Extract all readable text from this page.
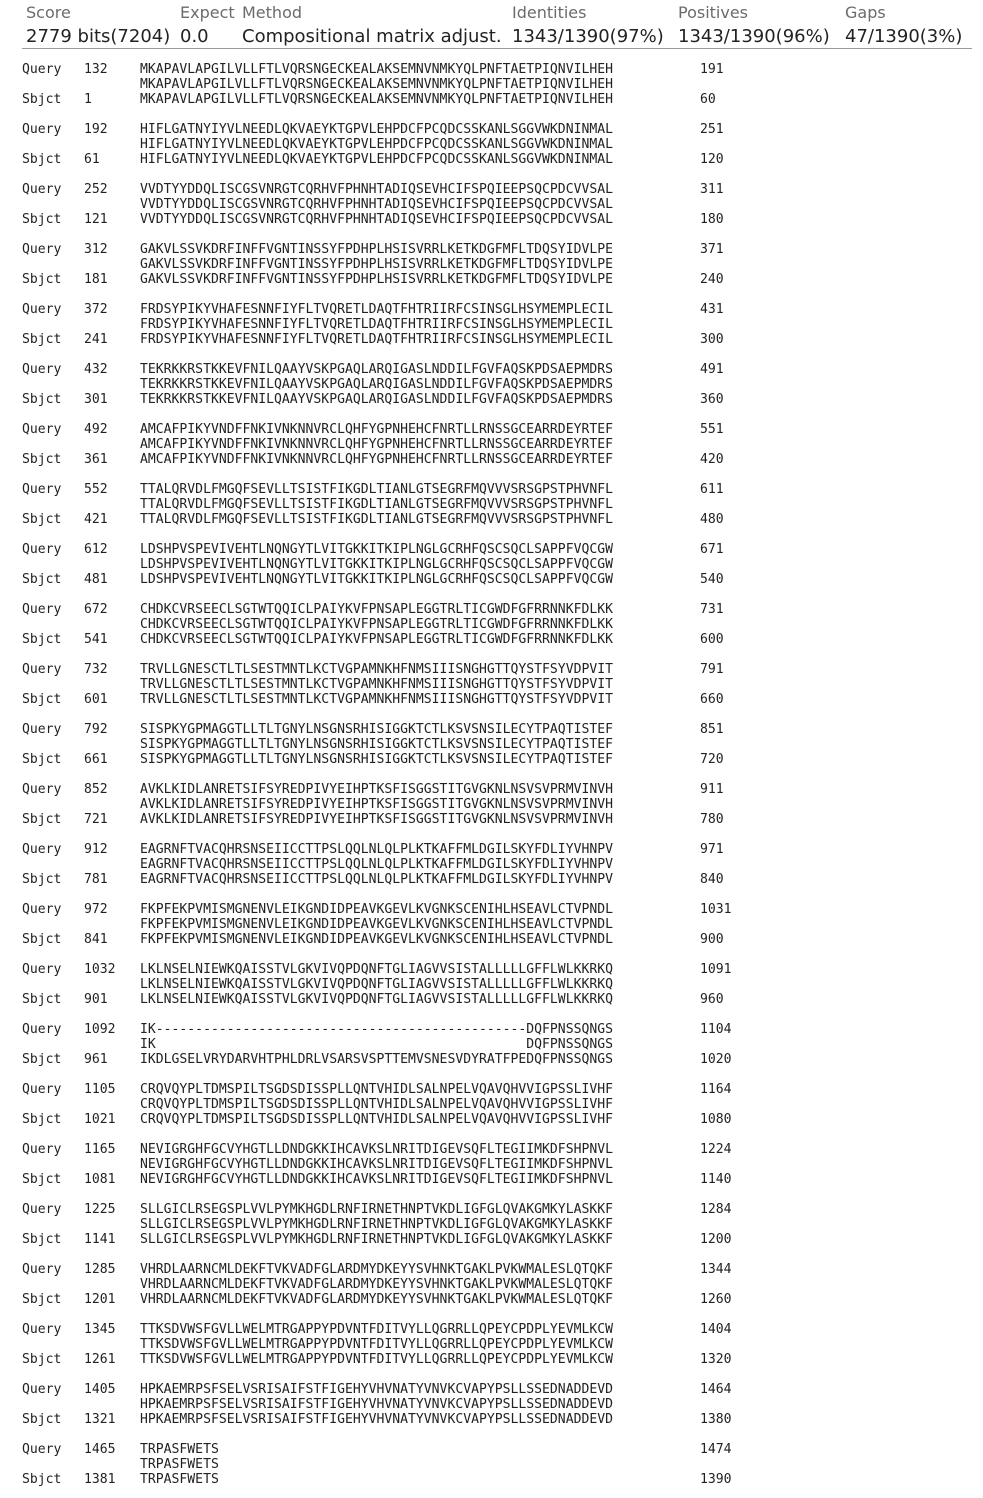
Score	Expect Method	Identities	Positives	Gaps
2779 bits(7204) 0.0 Compositional matrix adjust. 1343/1390(97%) 1343/1390(96%) 47/1390(3%)
Query 132 MKAPAVLAPGILVLLFTLVQRSNGECKEALAKSEMNVNMKYQLPNFTAETPIQNVILHEH	191
MKAPAVLAPGILVLLFTLVQRSNGECKEALAKSEMNVNMKYQLPNFTAETPIQNVILHEH
Sbjct 1	MKAPAVLAPGILVLLFTLVQRSNGECKEALAKSEMNVNMKYQLPNFTAETPIQNVILHEH	60
Query 192 HIFLGATNYIYVLNEEDLQKVAEYKTGPVLEHPDCFPCQDCSSKANLSGGVWKDNINMAL	251
HIFLGATNYIYVLNEEDLQKVAEYKTGPVLEHPDCFPCQDCSSKANLSGGVWKDNINMAL
Sbjct 61	HIFLGATNYIYVLNEEDLQKVAEYKTGPVLEHPDCFPCQDCSSKANLSGGVWKDNINMAL	120
Query 252 VVDTYYDDQLISCGSVNRGTCQRHVFPHNHTADIQSEVHCIFSPQIEEPSQCPDCVVSAL	311
VVDTYYDDQLISCGSVNRGTCQRHVFPHNHTADIQSEVHCIFSPQIEEPSQCPDCVVSAL
Sbjct 121 VVDTYYDDQLISCGSVNRGTCQRHVFPHNHTADIQSEVHCIFSPQIEEPSQCPDCVVSAL	180
Query 312 GAKVLSSVKDRFINFFVGNTINSSYFPDHPLHSISVRRLKETKDGFMFLTDQSYIDVLPE	371
GAKVLSSVKDRFINFFVGNTINSSYFPDHPLHSISVRRLKETKDGFMFLTDQSYIDVLPE
Sbjct 181 GAKVLSSVKDRFINFFVGNTINSSYFPDHPLHSISVRRLKETKDGFMFLTDQSYIDVLPE	240
Query 372 FRDSYPIKYVHAFESNNFIYFLTVQRETLDAQTFHTRIIRFCSINSGLHSYMEMPLECIL	431
FRDSYPIKYVHAFESNNFIYFLTVQRETLDAQTFHTRIIRFCSINSGLHSYMEMPLECIL
Sbjct 241 FRDSYPIKYVHAFESNNFIYFLTVQRETLDAQTFHTRIIRFCSINSGLHSYMEMPLECIL	300
Query 432 TEKRKKRSTKKEVFNILQAAYVSKPGAQLARQIGASLNDDILFGVFAQSKPDSAEPMDRS	491
TEKRKKRSTKKEVFNILQAAYVSKPGAQLARQIGASLNDDILFGVFAQSKPDSAEPMDRS
Sbjct 301 TEKRKKRSTKKEVFNILQAAYVSKPGAQLARQIGASLNDDILFGVFAQSKPDSAEPMDRS	360
Query 492 AMCAFPIKYVNDFFNKIVNKNNVRCLQHFYGPNHEHCFNRTLLRNSSGCEARRDEYRTEF	551
AMCAFPIKYVNDFFNKIVNKNNVRCLQHFYGPNHEHCFNRTLLRNSSGCEARRDEYRTEF
Sbjct 361 AMCAFPIKYVNDFFNKIVNKNNVRCLQHFYGPNHEHCFNRTLLRNSSGCEARRDEYRTEF	420
Query 552 TTALQRVDLFMGQFSEVLLTSISTFIKGDLTIANLGTSEGRFMQVVVSRSGPSTPHVNFL	611
TTALQRVDLFMGQFSEVLLTSISTFIKGDLTIANLGTSEGRFMQVVVSRSGPSTPHVNFL
Sbjct 421 TTALQRVDLFMGQFSEVLLTSISTFIKGDLTIANLGTSEGRFMQVVVSRSGPSTPHVNFL	480
Query 612 LDSHPVSPEVIVEHTLNQNGYTLVITGKKITKIPLNGLGCRHFQSCSQCLSAPPFVQCGW	671
LDSHPVSPEVIVEHTLNQNGYTLVITGKKITKIPLNGLGCRHFQSCSQCLSAPPFVQCGW
Sbjct 481 LDSHPVSPEVIVEHTLNQNGYTLVITGKKITKIPLNGLGCRHFQSCSQCLSAPPFVQCGW	540
Query 672 CHDKCVRSEECLSGTWTQQICLPAIYKVFPNSAPLEGGTRLTICGWDFGFRRNNKFDLKK	731
CHDKCVRSEECLSGTWTQQICLPAIYKVFPNSAPLEGGTRLTICGWDFGFRRNNKFDLKK
Sbjct 541 CHDKCVRSEECLSGTWTQQICLPAIYKVFPNSAPLEGGTRLTICGWDFGFRRNNKFDLKK	600
Query 732 TRVLLGNESCTLTLSESTMNTLKCTVGPAMNKHFNMSIIISNGHGTTQYSTFSYVDPVIT	791
TRVLLGNESCTLTLSESTMNTLKCTVGPAMNKHFNMSIIISNGHGTTQYSTFSYVDPVIT
Sbjct 601 TRVLLGNESCTLTLSESTMNTLKCTVGPAMNKHFNMSIIISNGHGTTQYSTFSYVDPVIT	660
Query 792 SISPKYGPMAGGTLLTLTGNYLNSGNSRHISIGGKTCTLKSVSNSILECYTPAQTISTEF	851
SISPKYGPMAGGTLLTLTGNYLNSGNSRHISIGGKTCTLKSVSNSILECYTPAQTISTEF
Sbjct 661 SISPKYGPMAGGTLLTLTGNYLNSGNSRHISIGGKTCTLKSVSNSILECYTPAQTISTEF	720
Query 852 AVKLKIDLANRETSIFSYREDPIVYEIHPTKSFISGGSTITGVGKNLNSVSVPRMVINVH	911
AVKLKIDLANRETSIFSYREDPIVYEIHPTKSFISGGSTITGVGKNLNSVSVPRMVINVH
Sbjct 721 AVKLKIDLANRETSIFSYREDPIVYEIHPTKSFISGGSTITGVGKNLNSVSVPRMVINVH	780
Query 912 EAGRNFTVACQHRSNSEIICCTTPSLQQLNLQLPLKTKAFFMLDGILSKYFDLIYVHNPV	971
EAGRNFTVACQHRSNSEIICCTTPSLQQLNLQLPLKTKAFFMLDGILSKYFDLIYVHNPV
Sbjct 781 EAGRNFTVACQHRSNSEIICCTTPSLQQLNLQLPLKTKAFFMLDGILSKYFDLIYVHNPV	840
Query 972 FKPFEKPVMISMGNENVLEIKGNDIDPEAVKGEVLKVGNKSCENIHLHSEAVLCTVPNDL	1031
FKPFEKPVMISMGNENVLEIKGNDIDPEAVKGEVLKVGNKSCENIHLHSEAVLCTVPNDL
Sbjct 841 FKPFEKPVMISMGNENVLEIKGNDIDPEAVKGEVLKVGNKSCENIHLHSEAVLCTVPNDL	900
Query 1032 LKLNSELNIEWKQAISSTVLGKVIVQPDQNFTGLIAGVVSISTALLLLLGFFLWLKKRKQ	1091
LKLNSELNIEWKQAISSTVLGKVIVQPDQNFTGLIAGVVSISTALLLLLGFFLWLKKRKQ
Sbjct 901 LKLNSELNIEWKQAISSTVLGKVIVQPDQNFTGLIAGVVSISTALLLLLGFFLWLKKRKQ	960
Query 1092 IK-----------------------------------------------DQFPNSSQNGS	1104
IK                                               DQFPNSSQNGS
Sbjct 961 IKDLGSELVRYDARVHTPHLDRLVSARSVSPTTEMVSNESVDYRATFPEDQFPNSSQNGS	1020
Query 1105 CRQVQYPLTDMSPILTSGDSDISSPLLQNTVHIDLSALNPELVQAVQHVVIGPSSLIVHF	1164
CRQVQYPLTDMSPILTSGDSDISSPLLQNTVHIDLSALNPELVQAVQHVVIGPSSLIVHF
Sbjct 1021 CRQVQYPLTDMSPILTSGDSDISSPLLQNTVHIDLSALNPELVQAVQHVVIGPSSLIVHF	1080
Query 1165 NEVIGRGHFGCVYHGTLLDNDGKKIHCAVKSLNRITDIGEVSQFLTEGIIMKDFSHPNVL	1224
NEVIGRGHFGCVYHGTLLDNDGKKIHCAVKSLNRITDIGEVSQFLTEGIIMKDFSHPNVL
Sbjct 1081 NEVIGRGHFGCVYHGTLLDNDGKKIHCAVKSLNRITDIGEVSQFLTEGIIMKDFSHPNVL	1140
Query 1225 SLLGICLRSEGSPLVVLPYMKHGDLRNFIRNETHNPTVKDLIGFGLQVAKGMKYLASKKF	1284
SLLGICLRSEGSPLVVLPYMKHGDLRNFIRNETHNPTVKDLIGFGLQVAKGMKYLASKKF
Sbjct 1141 SLLGICLRSEGSPLVVLPYMKHGDLRNFIRNETHNPTVKDLIGFGLQVAKGMKYLASKKF	1200
Query 1285 VHRDLAARNCMLDEKFTVKVADFGLARDMYDKEYYSVHNKTGAKLPVKWMALESLQTQKF	1344
VHRDLAARNCMLDEKFTVKVADFGLARDMYDKEYYSVHNKTGAKLPVKWMALESLQTQKF
Sbjct 1201 VHRDLAARNCMLDEKFTVKVADFGLARDMYDKEYYSVHNKTGAKLPVKWMALESLQTQKF	1260
Query 1345 TTKSDVWSFGVLLWELMTRGAPPYPDVNTFDITVYLLQGRRLLQPEYCPDPLYEVMLKCW	1404
TTKSDVWSFGVLLWELMTRGAPPYPDVNTFDITVYLLQGRRLLQPEYCPDPLYEVMLKCW
Sbjct 1261 TTKSDVWSFGVLLWELMTRGAPPYPDVNTFDITVYLLQGRRLLQPEYCPDPLYEVMLKCW	1320
Query 1405 HPKAEMRPSFSELVSRISAIFSTFIGEHYVHVNATYVNVKCVAPYPSLLSSEDNADDEVD	1464
HPKAEMRPSFSELVSRISAIFSTFIGEHYVHVNATYVNVKCVAPYPSLLSSEDNADDEVD
Sbjct 1321 HPKAEMRPSFSELVSRISAIFSTFIGEHYVHVNATYVNVKCVAPYPSLLSSEDNADDEVD	1380
Query 1465 TRPASFWETS	1474
TRPASFWETS
Sbjct 1381 TRPASFWETS	1390
